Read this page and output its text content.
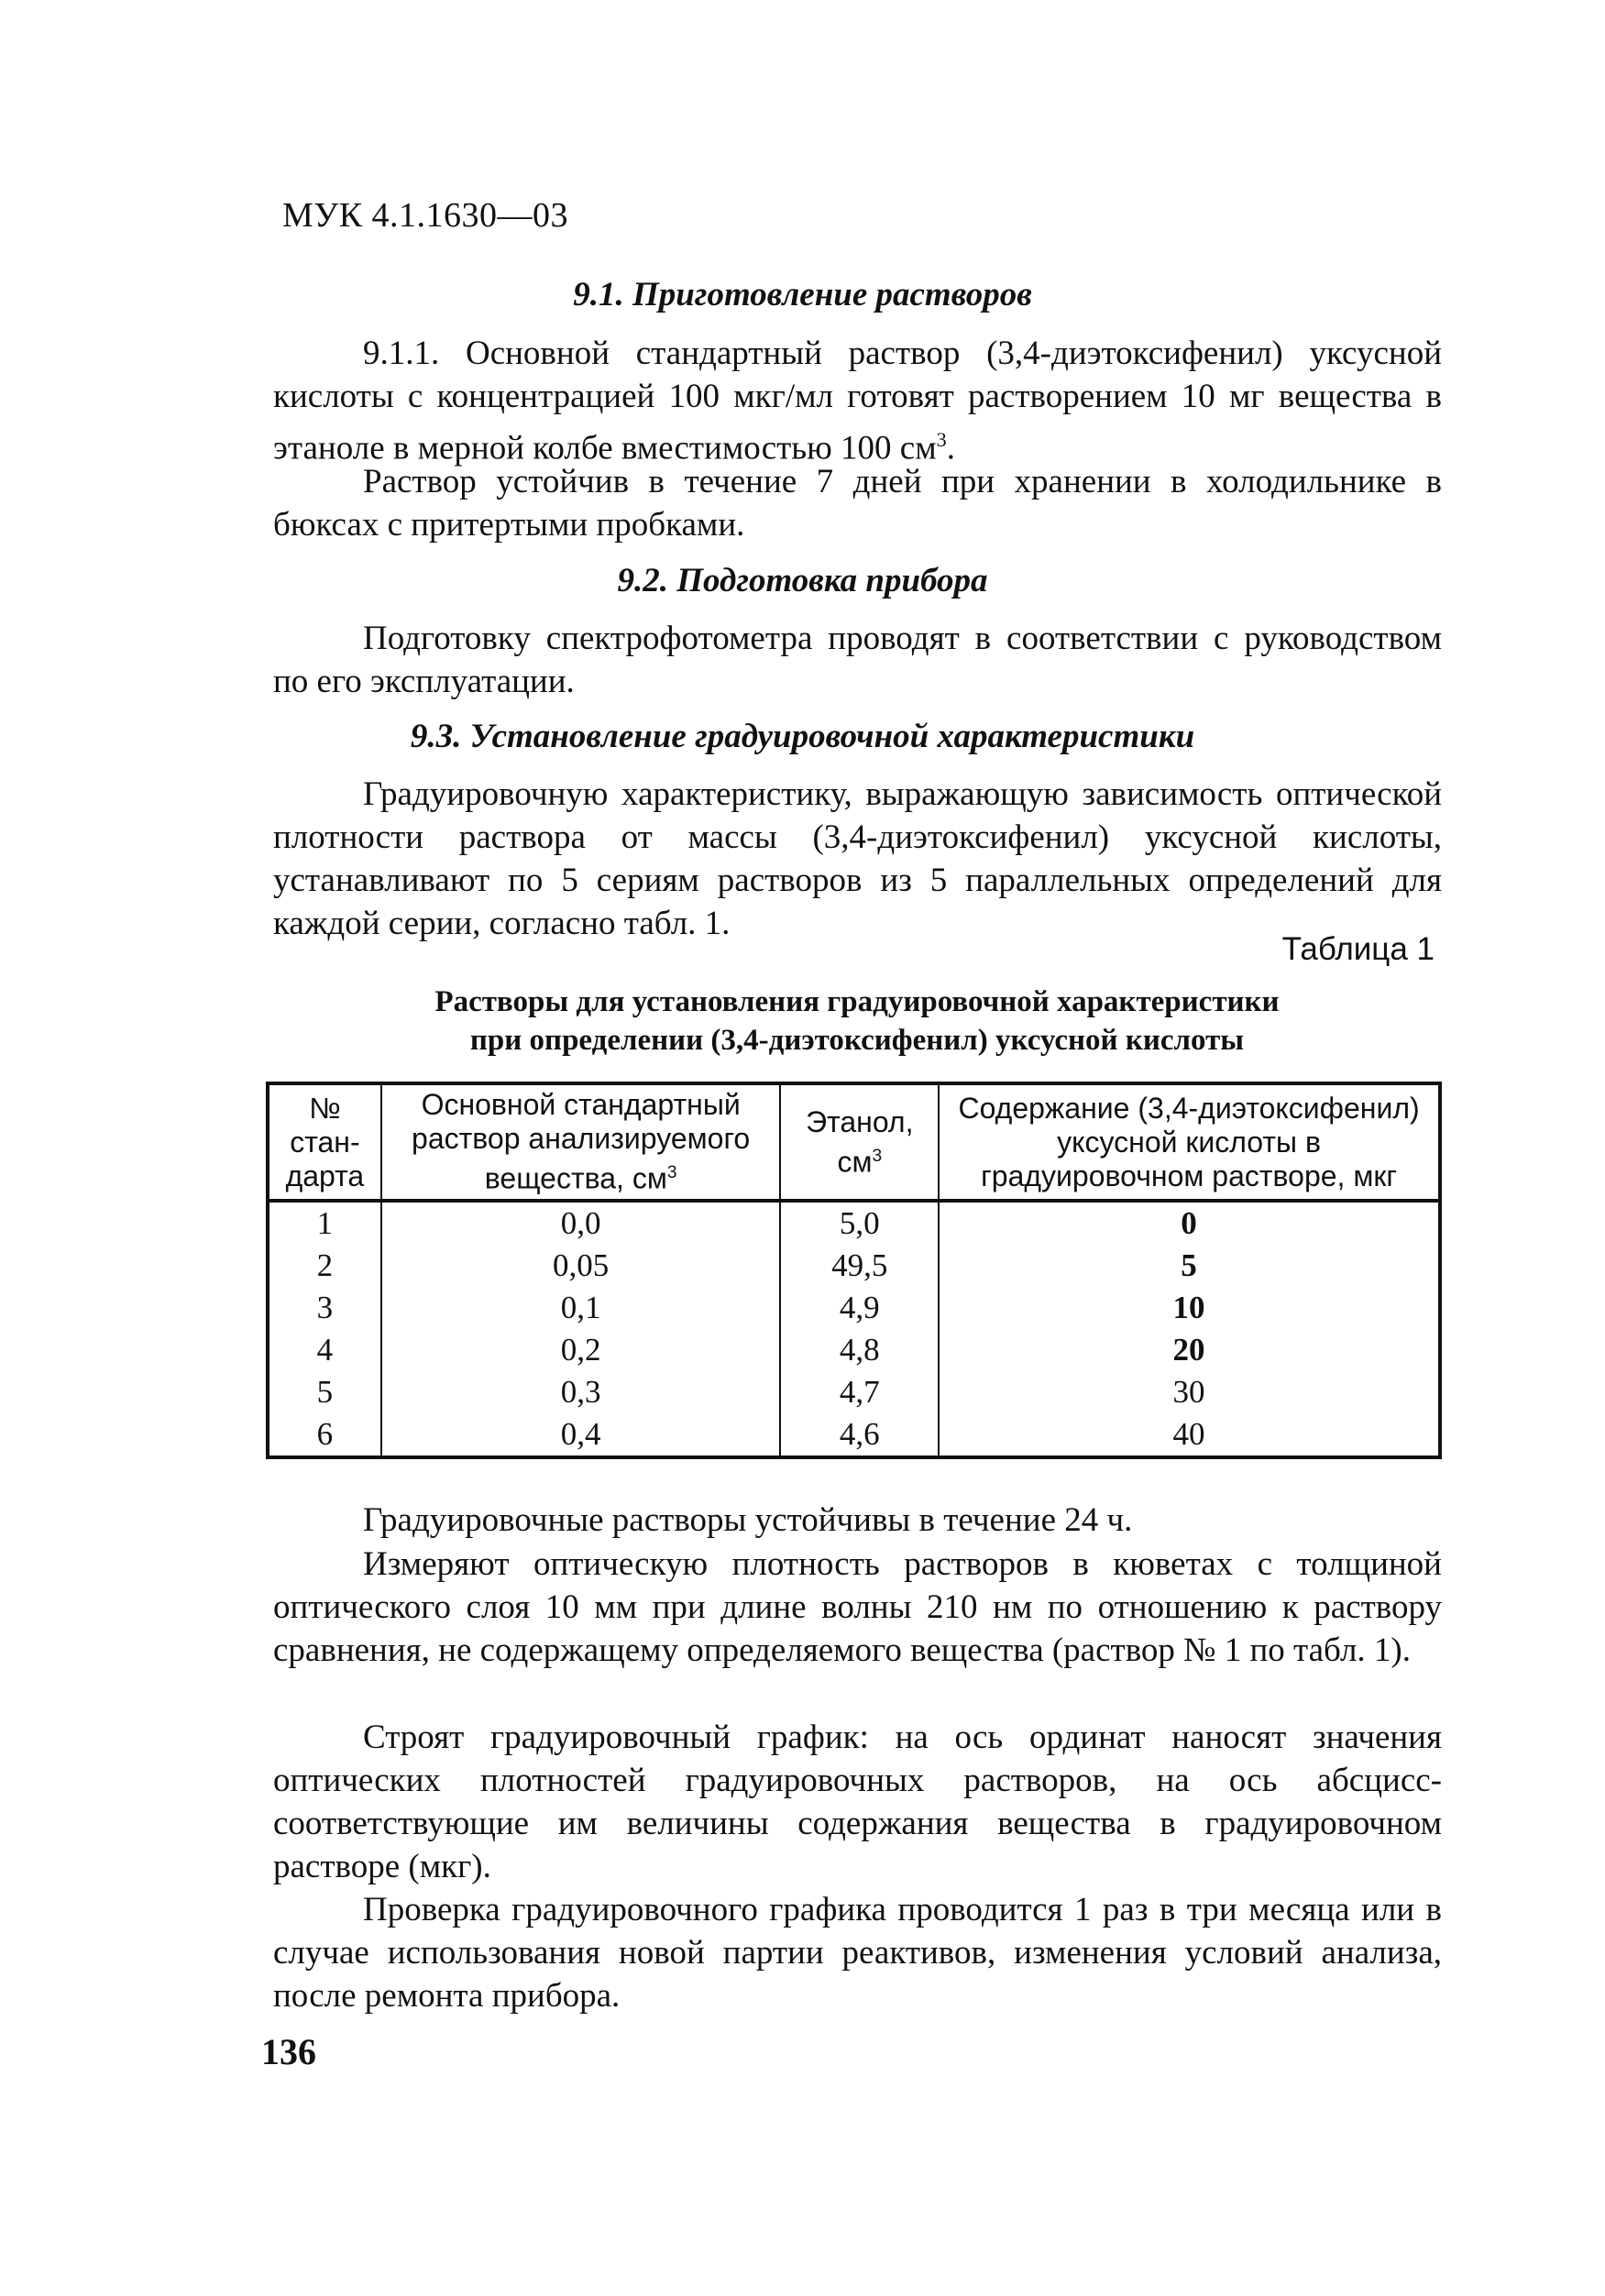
МУК 4.1.1630—03
9.1. Приготовление растворов

9.1.1. Основной стандартный раствор (3,4-диэтоксифенил) уксусной кислоты с концентрацией 100 мкг/мл готовят растворением 10 мг вещества в этаноле в мерной колбе вместимостью 100 $см^3$.

Раствор устойчив в течение 7 дней при хранении в холодильнике в бюксах с притертыми пробками.

9.2. Подготовка прибора

Подготовку спектрофотометра проводят в соответствии с руководством по его эксплуатации.

9.3. Установление градуировочной характеристики

Градуировочную характеристику, выражающую зависимость оптической плотности раствора от массы (3,4-диэтоксифенил) уксусной кислоты, устанавливают по 5 сериям растворов из 5 параллельных определений для каждой серии, согласно табл. 1.

Таблица 1
Растворы для установления градуировочной характеристики
при определении (3,4-диэтоксифенил) уксусной кислоты
№ стан-дарта	Основной стандартный раствор анализируемого вещества, $см^3$	Этанол, $см^3$	Содержание (3,4-диэтоксифенил) уксусной кислоты в градуировочном растворе, мкг
1	0,0	5,0	0
2	0,05	49,5	5
3	0,1	4,9	10
4	0,2	4,8	20
5	0,3	4,7	30
6	0,4	4,6	40

Градуировочные растворы устойчивы в течение 24 ч.

Измеряют оптическую плотность растворов в кюветах с толщиной оптического слоя 10 мм при длине волны 210 нм по отношению к раствору сравнения, не содержащему определяемого вещества (раствор № 1 по табл. 1).

Строят градуировочный график: на ось ординат наносят значения оптических плотностей градуировочных растворов, на ось абсцисс-соответствующие им величины содержания вещества в градуировочном растворе (мкг).

Проверка градуировочного графика проводится 1 раз в три месяца или в случае использования новой партии реактивов, изменения условий анализа, после ремонта прибора.

136
